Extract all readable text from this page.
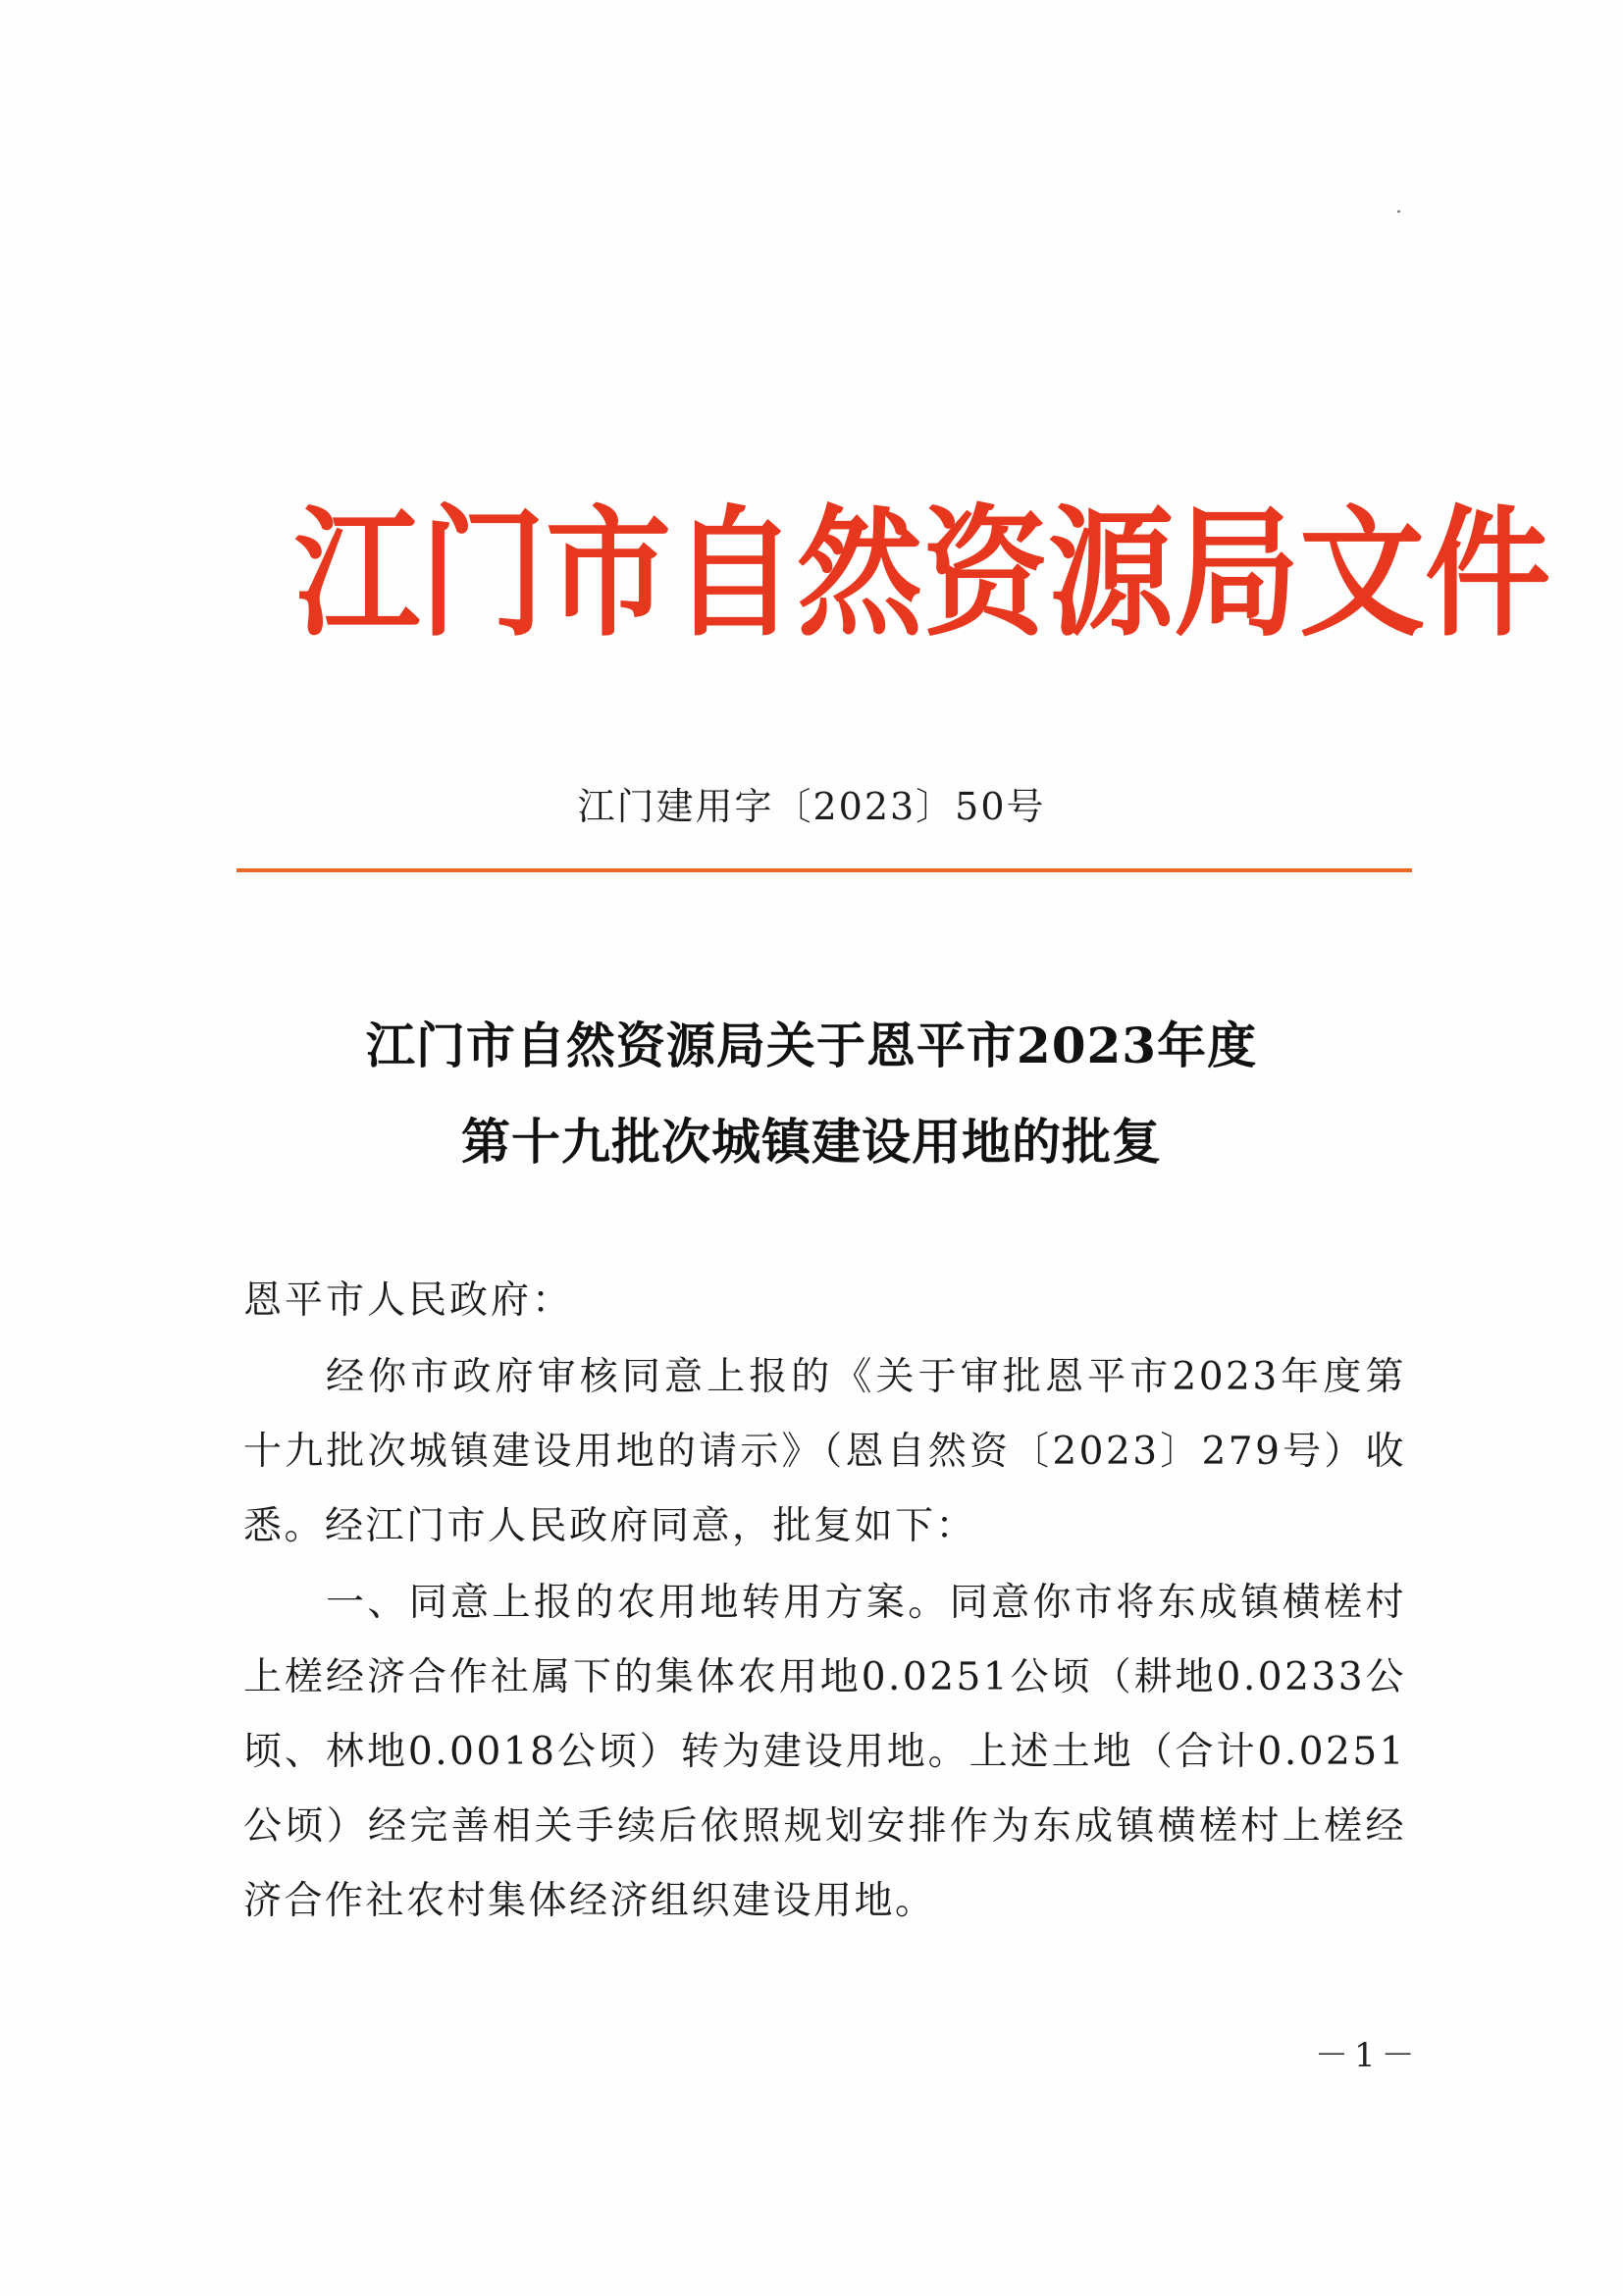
江 门 市 自 然 资 源 局 文 件
江门建用字〔2023〕50号
江门市自然资源局关于恩平市2023年度
第十九批次城镇建设用地的批复
恩平市人民政府：
经你市政府审核同意上报的《关于审批恩平市2023年度第十九批次城镇建设用地的请示》（恩自然资〔2023〕279号）收悉。经江门市人民政府同意，批复如下：
一、同意上报的农用地转用方案。同意你市将东成镇横槎村上槎经济合作社属下的集体农用地0.0251公顷（耕地0.0233公顷、林地0.0018公顷）转为建设用地。上述土地（合计0.0251公顷）经完善相关手续后依照规划安排作为东成镇横槎村上槎经济合作社农村集体经济组织建设用地。
－1－
